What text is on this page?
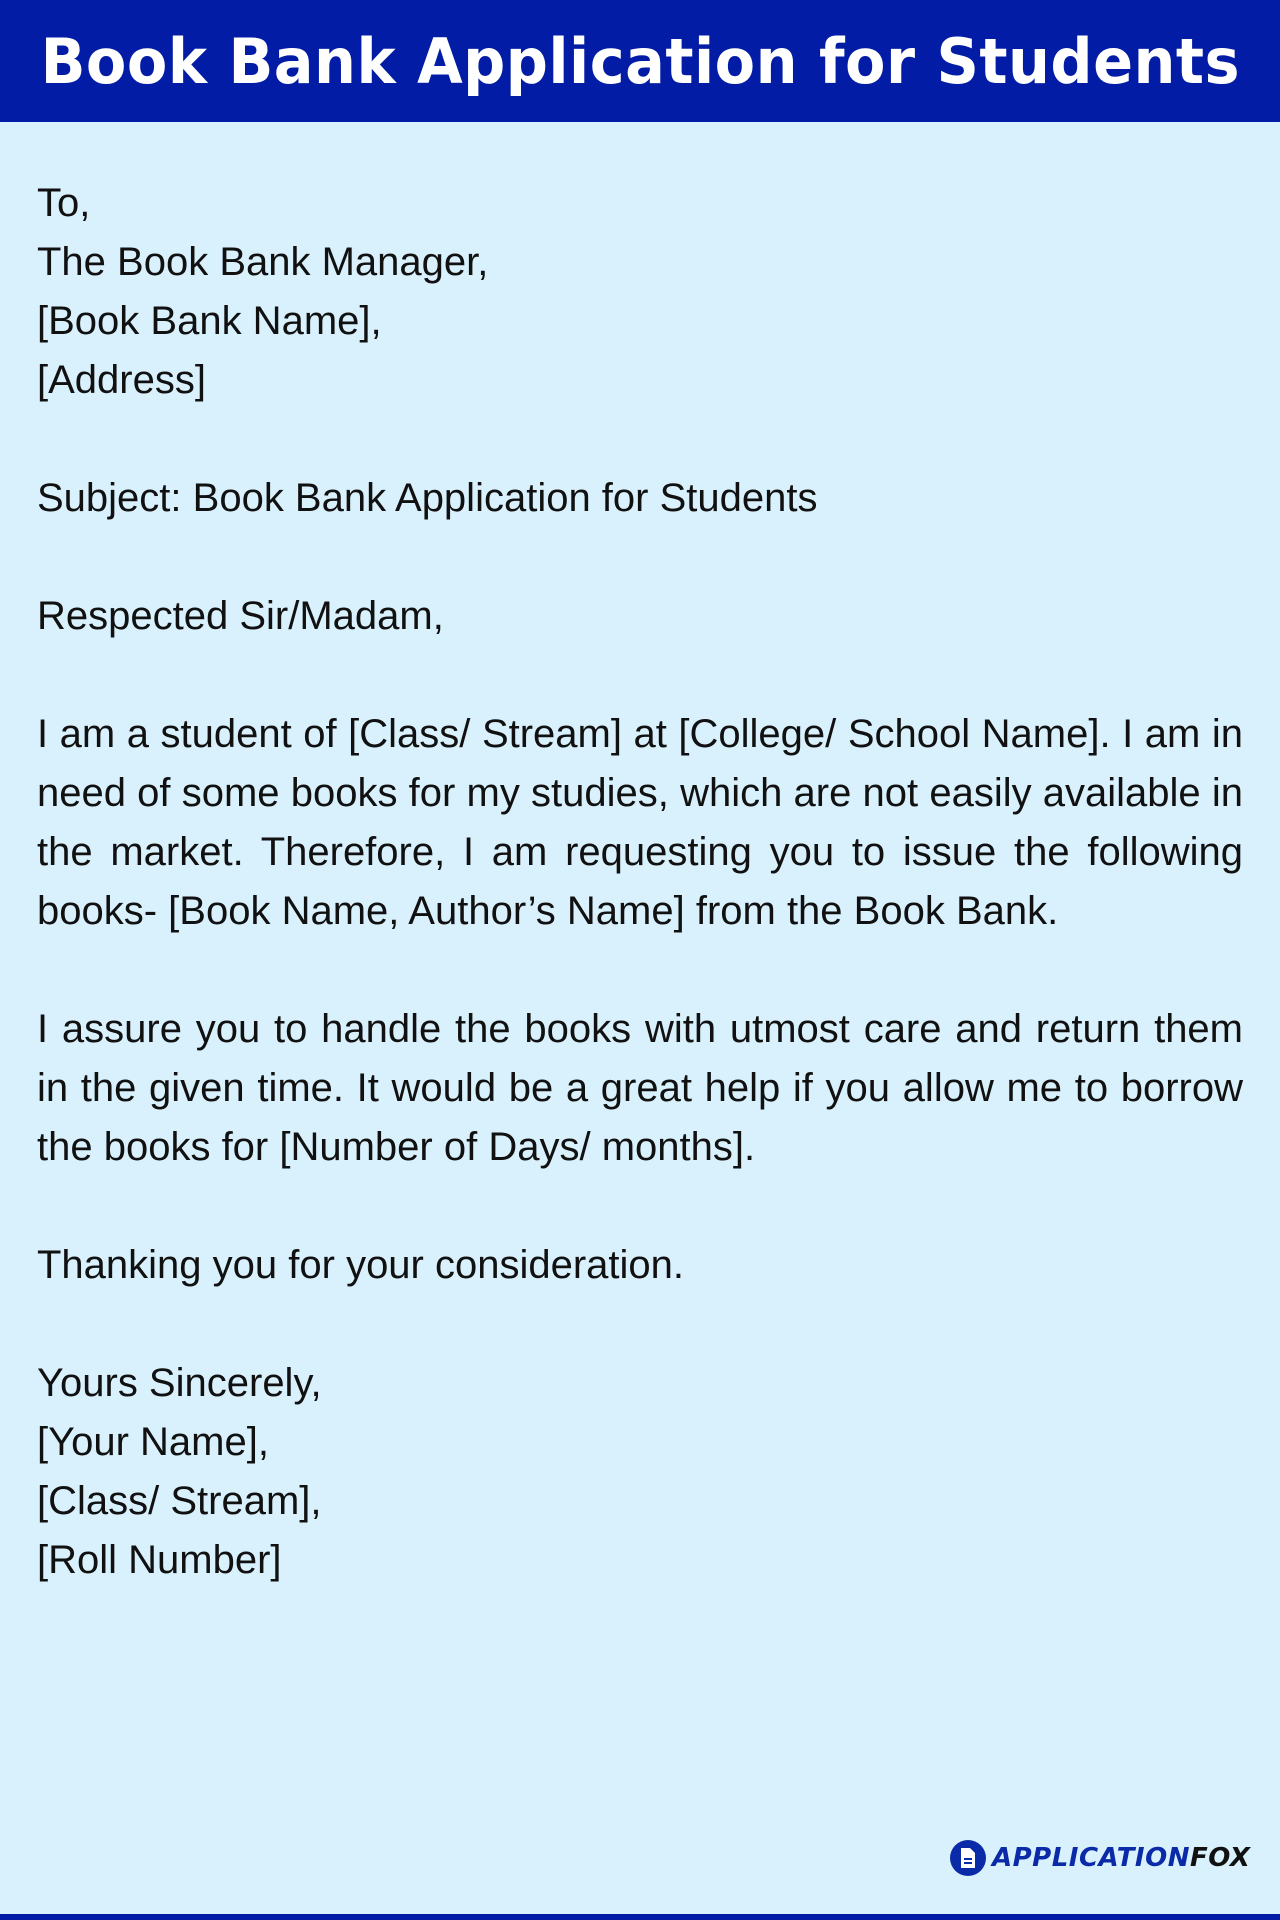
Book Bank Application for Students

To,

The Book Bank Manager,

[Book Bank Name],

[Address]

Subject: Book Bank Application for Students

Respected Sir/Madam,

I am a student of [Class/ Stream] at [College/ School Name]. I am in need of some books for my studies, which are not easily available in the market. Therefore, I am requesting you to issue the following books- [Book Name, Author’s Name] from the Book Bank.

I assure you to handle the books with utmost care and return them in the given time. It would be a great help if you allow me to borrow the books for [Number of Days/ months].

Thanking you for your consideration.

Yours Sincerely,

[Your Name],

[Class/ Stream],

[Roll Number]

APPLICATIONFOX
